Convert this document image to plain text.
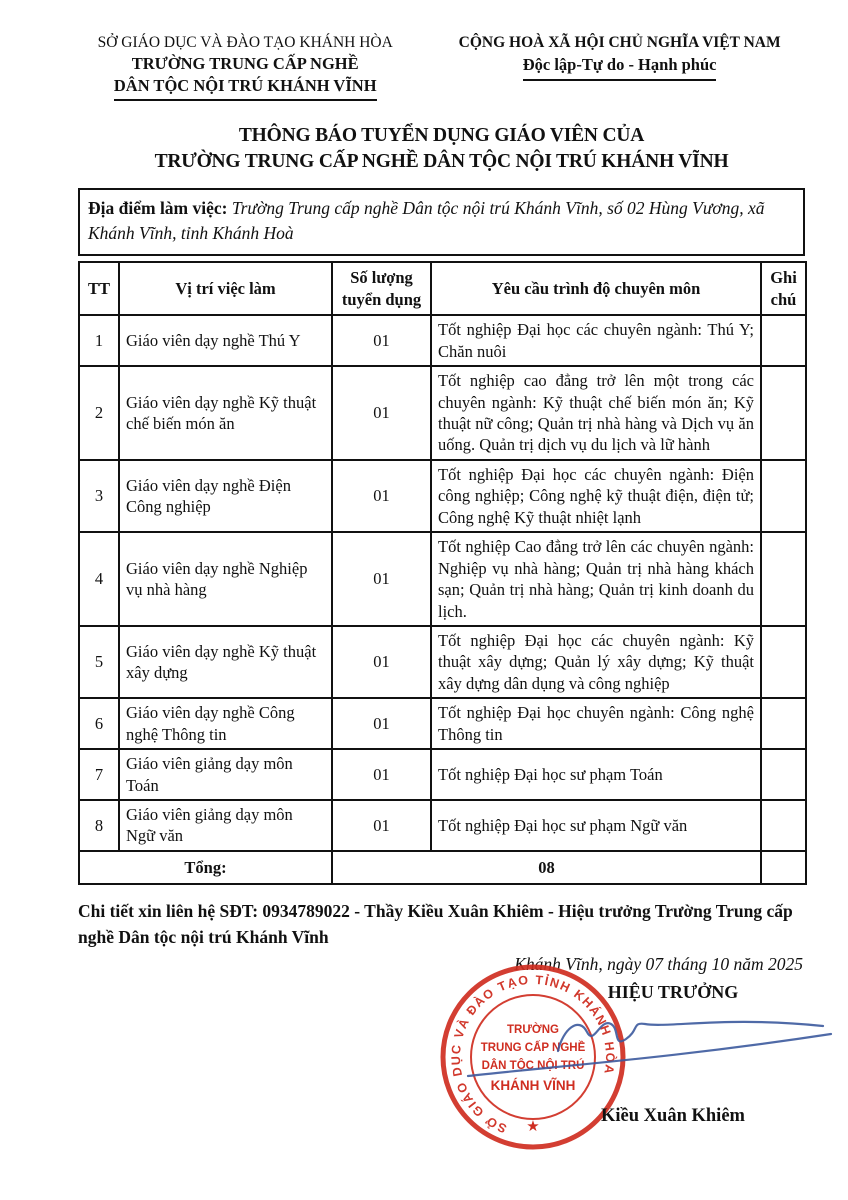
SỞ GIÁO DỤC VÀ ĐÀO TẠO KHÁNH HÒA
TRƯỜNG TRUNG CẤP NGHỀ
DÂN TỘC NỘI TRÚ KHÁNH VĨNH
CỘNG HOÀ XÃ HỘI CHỦ NGHĨA VIỆT NAM
Độc lập-Tự do - Hạnh phúc
THÔNG BÁO TUYỂN DỤNG GIÁO VIÊN CỦA
TRƯỜNG TRUNG CẤP NGHỀ DÂN TỘC NỘI TRÚ KHÁNH VĨNH
Địa điểm làm việc: Trường Trung cấp nghề Dân tộc nội trú Khánh Vĩnh, số 02 Hùng Vương, xã Khánh Vĩnh, tỉnh Khánh Hoà
TT	Vị trí việc làm	Số lượng tuyển dụng	Yêu cầu trình độ chuyên môn	Ghi chú
1	Giáo viên dạy nghề Thú Y	01	Tốt nghiệp Đại học các chuyên ngành: Thú Y; Chăn nuôi	
2	Giáo viên dạy nghề Kỹ thuật chế biến món ăn	01	Tốt nghiệp cao đẳng trở lên một trong các chuyên ngành: Kỹ thuật chế biến món ăn; Kỹ thuật nữ công; Quản trị nhà hàng và Dịch vụ ăn uống. Quản trị dịch vụ du lịch và lữ hành	
3	Giáo viên dạy nghề Điện Công nghiệp	01	Tốt nghiệp Đại học các chuyên ngành: Điện công nghiệp; Công nghệ kỹ thuật điện, điện tử; Công nghệ Kỹ thuật nhiệt lạnh	
4	Giáo viên dạy nghề Nghiệp vụ nhà hàng	01	Tốt nghiệp Cao đẳng trở lên các chuyên ngành: Nghiệp vụ nhà hàng; Quản trị nhà hàng khách sạn; Quản trị nhà hàng; Quản trị kinh doanh du lịch.	
5	Giáo viên dạy nghề Kỹ thuật xây dựng	01	Tốt nghiệp Đại học các chuyên ngành: Kỹ thuật xây dựng; Quản lý xây dựng; Kỹ thuật xây dựng dân dụng và công nghiệp	
6	Giáo viên dạy nghề Công nghệ Thông tin	01	Tốt nghiệp Đại học chuyên ngành: Công nghệ Thông tin	
7	Giáo viên giảng dạy môn Toán	01	Tốt nghiệp Đại học sư phạm Toán	
8	Giáo viên giảng dạy môn Ngữ văn	01	Tốt nghiệp Đại học sư phạm Ngữ văn	
Tổng:		08		
Chi tiết xin liên hệ SĐT: 0934789022 - Thầy Kiều Xuân Khiêm - Hiệu trưởng Trường Trung cấp nghề Dân tộc nội trú Khánh Vĩnh
Khánh Vĩnh, ngày 07 tháng 10 năm 2025
HIỆU TRƯỞNG
SỞ GIÁO DỤC VÀ ĐÀO TẠO TỈNH KHÁNH HÒA
★
TRƯỜNG
TRUNG CẤP NGHỀ
DÂN TỘC NỘI TRÚ
KHÁNH VĨNH
Kiều Xuân Khiêm
